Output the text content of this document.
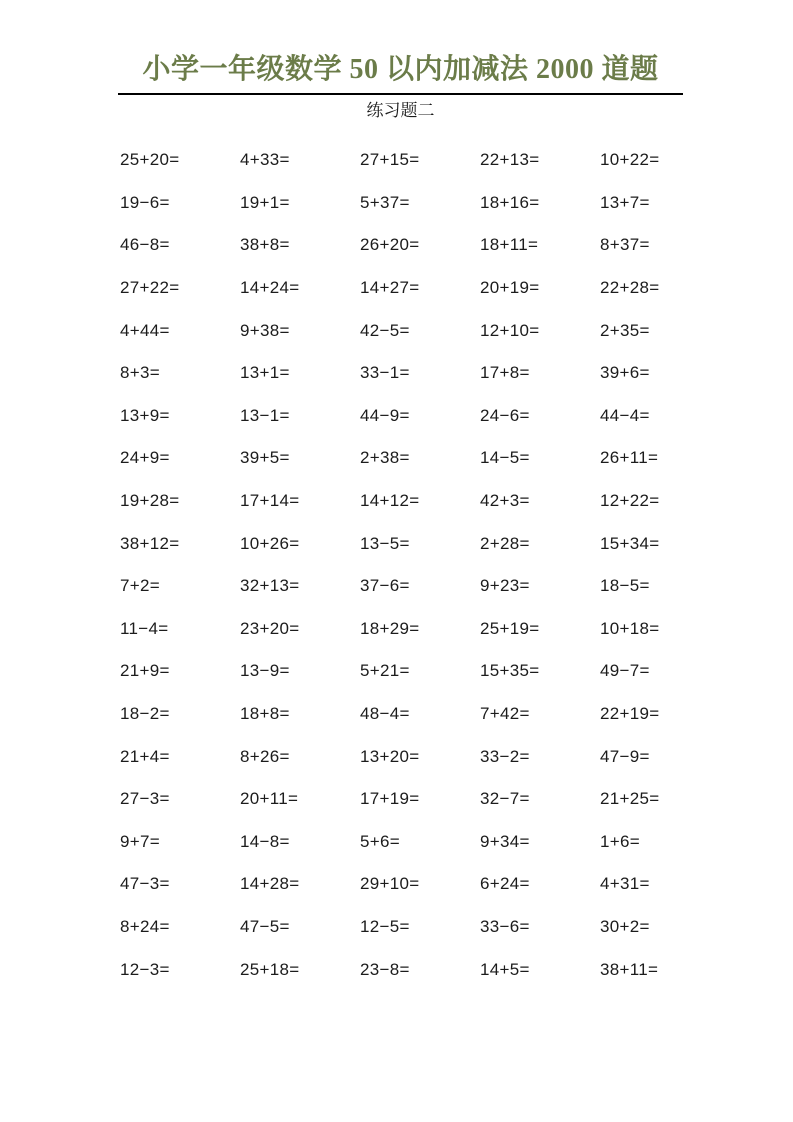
小学一年级数学 50 以内加减法 2000 道题
练习题二
25+20=	4+33=	27+15=	22+13=	10+22=
19−6=	19+1=	5+37=	18+16=	13+7=
46−8=	38+8=	26+20=	18+11=	8+37=
27+22=	14+24=	14+27=	20+19=	22+28=
4+44=	9+38=	42−5=	12+10=	2+35=
8+3=	13+1=	33−1=	17+8=	39+6=
13+9=	13−1=	44−9=	24−6=	44−4=
24+9=	39+5=	2+38=	14−5=	26+11=
19+28=	17+14=	14+12=	42+3=	12+22=
38+12=	10+26=	13−5=	2+28=	15+34=
7+2=	32+13=	37−6=	9+23=	18−5=
11−4=	23+20=	18+29=	25+19=	10+18=
21+9=	13−9=	5+21=	15+35=	49−7=
18−2=	18+8=	48−4=	7+42=	22+19=
21+4=	8+26=	13+20=	33−2=	47−9=
27−3=	20+11=	17+19=	32−7=	21+25=
9+7=	14−8=	5+6=	9+34=	1+6=
47−3=	14+28=	29+10=	6+24=	4+31=
8+24=	47−5=	12−5=	33−6=	30+2=
12−3=	25+18=	23−8=	14+5=	38+11=
